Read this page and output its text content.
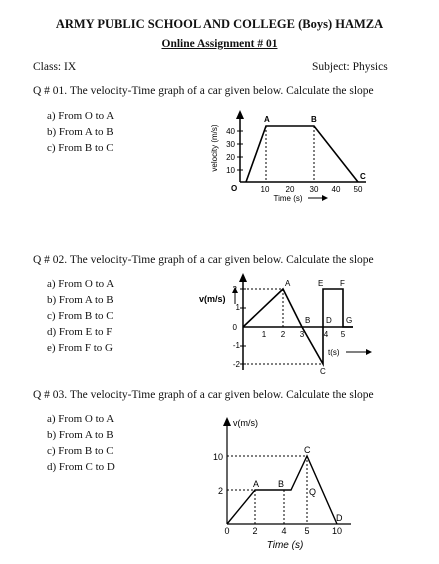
ARMY PUBLIC SCHOOL AND COLLEGE (Boys) HAMZA
Online Assignment # 01
Class: IX	Subject: Physics
Q # 01. The velocity-Time graph of a car given below. Calculate the slope
a) From O to A
b) From A to B
c) From B to C
10
20
30
40
velocity (m/s)
O	10 20 30 40 50
Time (s)
A	B
C
Q # 02. The velocity-Time graph of a car given below. Calculate the slope
a) From O to A
b) From A to B
c) From B to C
d) From E to F
e) From F to G
v(m/s)
2
1
0
-1
-2
1 2 3 4 5
t(s)
A
B
C
D
E F
G
Q # 03. The velocity-Time graph of a car given below. Calculate the slope
a) From O to A
b) From A to B
c) From B to C
d) From C to D
v(m/s)
10
2
0	2	4 5 10
Time (s)
A B
Q
C
D
